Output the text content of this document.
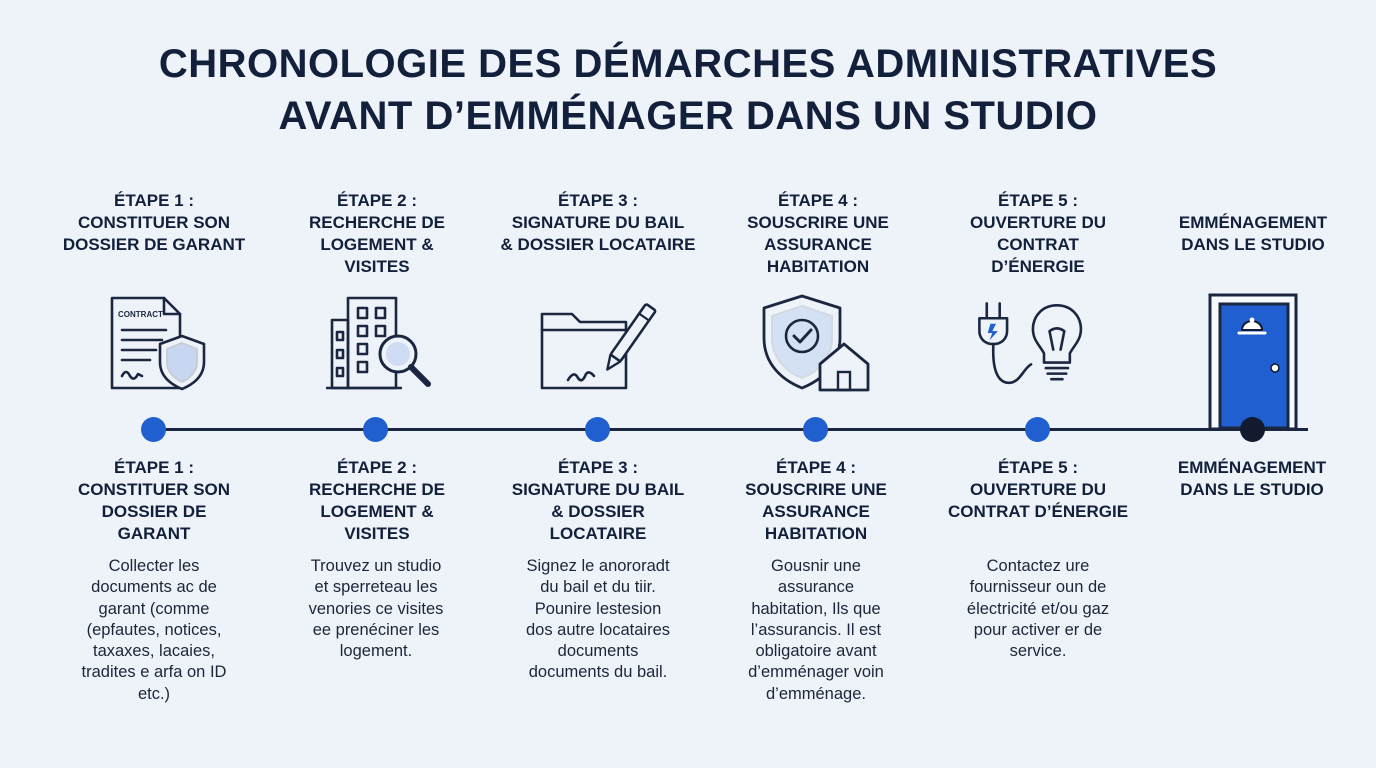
CHRONOLOGIE DES DÉMARCHES ADMINISTRATIVES
AVANT D’EMMÉNAGER DANS UN STUDIO
ÉTAPE 1 :
CONSTITUER SON
DOSSIER DE GARANT
ÉTAPE 2 :
RECHERCHE DE
LOGEMENT &
VISITES
ÉTAPE 3 :
SIGNATURE DU BAIL
& DOSSIER LOCATAIRE
ÉTAPE 4 :
SOUSCRIRE UNE
ASSURANCE
HABITATION
ÉTAPE 5 :
OUVERTURE DU
CONTRAT
D’ÉNERGIE
EMMÉNAGEMENT
DANS LE STUDIO
CONTRACT
ÉTAPE 1 :
CONSTITUER SON
DOSSIER DE
GARANT
ÉTAPE 2 :
RECHERCHE DE
LOGEMENT &
VISITES
ÉTAPE 3 :
SIGNATURE DU BAIL
& DOSSIER
LOCATAIRE
ÉTAPE 4 :
SOUSCRIRE UNE
ASSURANCE
HABITATION
ÉTAPE 5 :
OUVERTURE DU
CONTRAT D’ÉNERGIE
EMMÉNAGEMENT
DANS LE STUDIO
Collecter les
documents ac de
garant (comme
(epfautes, notices,
taxaxes, lacaies,
tradites e arfa on ID
etc.)
Trouvez un studio
et sperreteau les
venories ce visites
ee prenéciner les
logement.
Signez le anororadt
du bail et du tiir.
Pounire lestesion
dos autre locataires
documents
documents du bail.
Gousnir une
assurance
habitation, Ils que
l’assurancis. Il est
obligatoire avant
d’emménager voin
d’emménage.
Contactez ure
fournisseur oun de
électricité et/ou gaz
pour activer er de
service.
